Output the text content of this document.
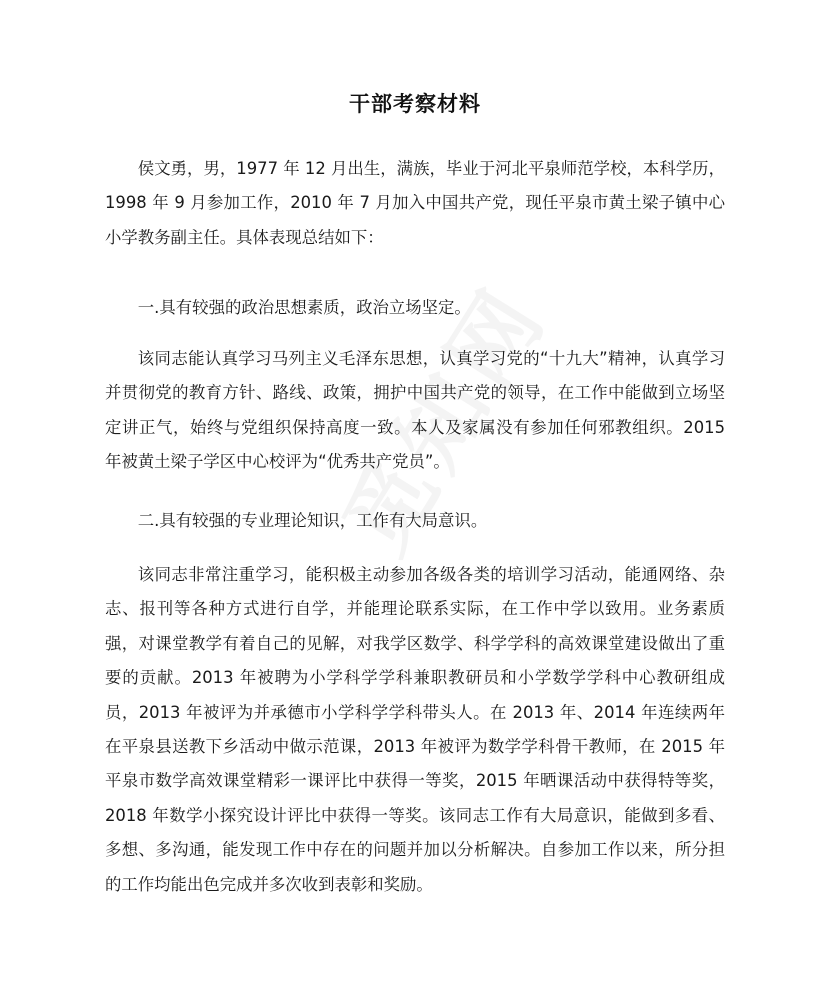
干部考察材料

侯文勇，男，1977 年 12 月出生，满族，毕业于河北平泉师范学校，本科学历，1998 年 9 月参加工作，2010 年 7 月加入中国共产党，现任平泉市黄土梁子镇中心小学教务副主任。具体表现总结如下：

一.具有较强的政治思想素质，政治立场坚定。

该同志能认真学习马列主义毛泽东思想，认真学习党的“十九大”精神，认真学习并贯彻党的教育方针、路线、政策，拥护中国共产党的领导，在工作中能做到立场坚定讲正气，始终与党组织保持高度一致。本人及家属没有参加任何邪教组织。2015 年被黄土梁子学区中心校评为“优秀共产党员”。

二.具有较强的专业理论知识，工作有大局意识。

该同志非常注重学习，能积极主动参加各级各类的培训学习活动，能通网络、杂志、报刊等各种方式进行自学，并能理论联系实际，在工作中学以致用。业务素质强，对课堂教学有着自己的见解，对我学区数学、科学学科的高效课堂建设做出了重要的贡献。2013 年被聘为小学科学学科兼职教研员和小学数学学科中心教研组成员，2013 年被评为并承德市小学科学学科带头人。在 2013 年、2014 年连续两年在平泉县送教下乡活动中做示范课，2013 年被评为数学学科骨干教师，在 2015 年平泉市数学高效课堂精彩一课评比中获得一等奖，2015 年晒课活动中获得特等奖，2018 年数学小探究设计评比中获得一等奖。该同志工作有大局意识，能做到多看、多想、多沟通，能发现工作中存在的问题并加以分析解决。自参加工作以来，所分担的工作均能出色完成并多次收到表彰和奖励。
